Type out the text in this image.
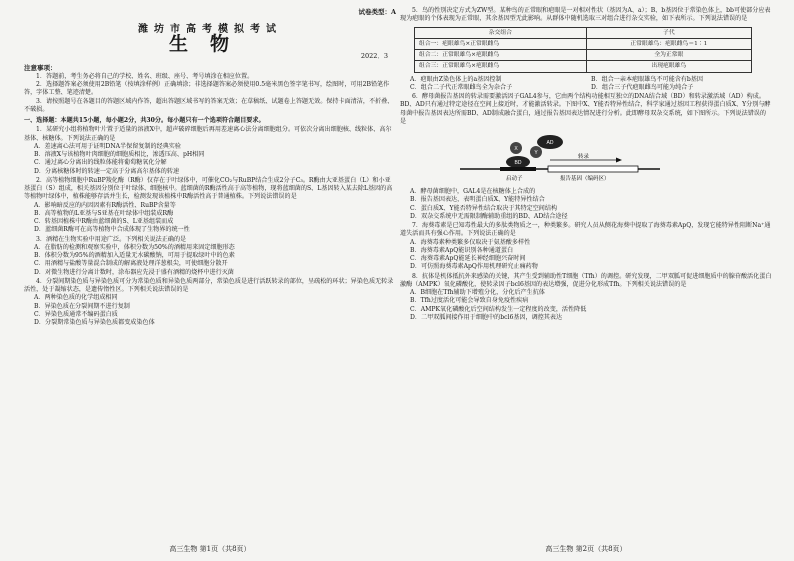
试卷类型：A
潍坊市高考模拟考试
生物
2022．3
注意事项：

1．答题前，考生务必将自己的学校、姓名、班级、座号、考号填涂在相应位置。

2．选择题答案必须使用2B铅笔（按填涂样例）正确填涂；非选择题答案必须使用0.5毫米黑色签字笔书写，绘图时，可用2B铅笔作答，字体工整、笔迹清楚。

3．请按照题号在各题目的答题区域内作答，超出答题区域书写的答案无效；在草稿纸、试题卷上答题无效。保持卡面清洁，不折叠、不破损。

一、选择题：本题共15小题，每小题2分，共30分。每小题只有一个选项符合题目要求。

1．某研究小组将植物叶片置于适量的溶液X中，超声破碎细胞后再用差速离心法分离细胞组分。可依次分离出细胞核、线粒体、高尔基体、核糖体。下列说法正确的是

A．差速离心法可用于证明DNA半保留复制的经典实验

B．溶液X与该植物叶肉细胞的细胞质相比，渗透压高、pH相同

C．通过离心分离出的线粒体能将葡萄糖氧化分解

D．分离核糖体时的转速一定高于分离高尔基体的转速

2．高等植物细胞中RuBP羧化酶（R酶）仅存在于叶绿体中，可催化CO₂与RuBP结合生成2分子C₃。R酶由大亚基蛋白（L）和小亚基蛋白（S）组成，相关基因分别位于叶绿体、细胞核中。蓝细菌的R酶活性高于高等植物，现将蓝细菌的S、L基因转入某去除L基因的高等植物叶绿体中，植株能够存活并生长，检测发现该植株中R酶活性高于普通植株。下列说法错误的是

A．影响暗反应的内因因素有R酶活性、RuBP含量等

B．高等植物的L亚基与S亚基在叶绿体中组装成R酶

C．转基因植株中R酶由蓝细菌的S、L亚基组装而成

D．蓝细菌R酶可在高等植物中合成体现了生物界的统一性

3．酒精在生物实验中用途广泛。下列相关说法正确的是

A．在脂肪的检测和观察实验中，体积分数为50%的酒精用来固定细胞形态

B．体积分数为95%的酒精加入适量无水碳酸钠，可用于提取绿叶中的色素

C．用酒精与盐酸等量混合制成的解离液处理洋葱根尖，可使细胞分散开

D．对微生物进行分离计数时，涂布器应先浸于盛有酒精的烧杯中进行灭菌

4．分裂间期染色质与异染色质可分为常染色质和异染色质两部分，常染色质是进行活跃转录的部位，呈疏松的环状；异染色质无转录活性，处于凝缩状态，是遗传惰性区。下列相关说法错误的是

A．两种染色质的化学组成相同

B．异染色质在分裂间期不进行复制

C．异染色质通常不编码蛋白质

D．分裂期常染色质与异染色质都变成染色体

高三生物 第1页（共8页）

5．鸟的性别决定方式为ZW型。某种鸟的正常眼和疤眼是一对相对性状（基因为A、a）；B、b基因位于常染色体上，bb可使部分应表现为疤眼的个体表现为正常眼，其余基因型无此影响。从群体中随机选取三对组合进行杂交实验，如下表所示。下列说法错误的是

杂交组合	子代
组合一：疤眼雄鸟×正常眼雌鸟	正常眼雄鸟：疤眼雌鸟＝1∶1
组合二：正常眼雄鸟×疤眼雌鸟	全为正常眼
组合三：正常眼雄鸟×疤眼雌鸟	出现疤眼雄鸟
A．疤眼由Z染色体上的a基因控制	B．组合一亲本疤眼雄鸟不可能含有b基因
C．组合二子代正常眼雌鸟全为杂合子	D．组合三子代疤眼雌鸟可能为纯合子

6．酵母菌报告基因的转录需要激活因子GAL4参与，它由两个结构功能相互独立的DNA结合域（BD）和转录激活域（AD）构成。BD、AD只有通过特定途径在空间上接近时，才能激活转录。下图中X、Y能否特异性结合，科学家通过基因工程获得蛋白质X、Y分别与酵母菌中报告基因表达所需BD、AD制成融合蛋白，通过报告基因表达情况进行分析。此即酵母双杂交系统，如下图所示。下列说法错误的是

AD
Y
X
BD
转录
启动子	报告基因（编码区）

A．酵母菌细胞中，GAL4是在核糖体上合成的

B．报告基因表达，表明蛋白质X、Y能特异性结合

C．蛋白质X、Y能否特异性结合取决于其特定空间结构

D．双杂交系统中无需限制酶辅助重组的BD、AD结合途径

7．海葵毒素是已知毒性最大的多肽类物质之一，种类繁多。研究人员从侧花海葵中提取了海葵毒素ApQ，发现它能特异性阻断Na⁺通道失活而具有强心作用。下列说法正确的是

A．海葵毒素种类繁多仅取决于氨基酸多样性

B．海葵毒素ApQ能识别各种通道蛋白

C．海葵毒素ApQ能延长神经细胞兴奋时间

D．可仿照海葵毒素ApQ作用机理研究止痛药物

8．抗体是机体抵抗外来感染的关键，其产生受到辅助性T细胞（Tfh）的调控。研究发现，二甲双胍可促进细胞质中的腺苷酸活化蛋白激酶（AMPK）氧化磷酸化，使转录因子bcl6基因的表达增强，促进分化形成Tfh。下列相关说法错误的是

A．B细胞在Tfh辅助下增殖分化，分化后产生抗体

B．Tfh过度活化可能会导致自身免疫性疾病

C．AMPK氧化磷酸化后空间结构发生一定程度的改变，活性降低

D．二甲双胍间接作用于细胞中的bcl6基因，调控其表达

高三生物 第2页（共8页）
